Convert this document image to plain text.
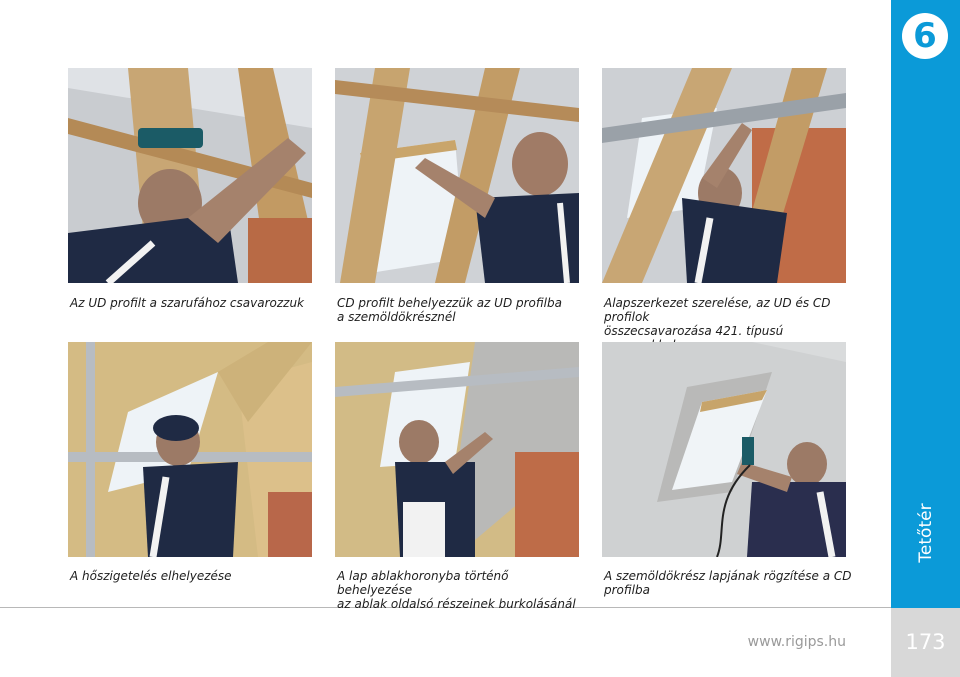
6
Tetőtér
173
www.rigips.hu
Az UD profilt a szarufához csavarozzuk	CD profilt behelyezzük az UD profilba
a szemöldökrésznél
Alapszerkezet szerelése, az UD és CD profilok
összecsavarozása 421. típusú
A hőszigetelés elhelyezése	A lap ablakhoronyba történő behelyezése
az ablak oldalsó részeinek burkolásánál
A szemöldökrész lapjának rögzítése a CD
profilba
